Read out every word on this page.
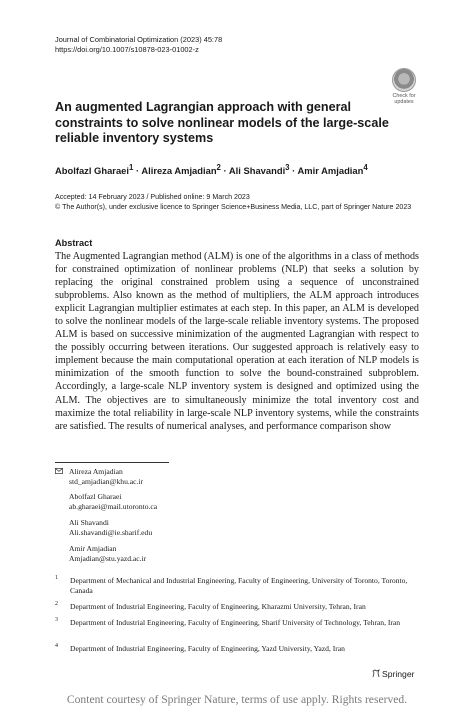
Journal of Combinatorial Optimization (2023) 45:78
https://doi.org/10.1007/s10878-023-01002-z
Check for
updates
An augmented Lagrangian approach with general constraints to solve nonlinear models of the large-scale reliable inventory systems
Abolfazl Gharaei$^1$ · Alireza Amjadian$^2$ · Ali Shavandi$^3$ · Amir Amjadian$^4$
Accepted: 14 February 2023 / Published online: 9 March 2023
© The Author(s), under exclusive licence to Springer Science+Business Media, LLC, part of Springer Nature 2023
Abstract
The Augmented Lagrangian method (ALM) is one of the algorithms in a class of methods for constrained optimization of nonlinear problems (NLP) that seeks a solution by replacing the original constrained problem using a sequence of unconstrained subproblems. Also known as the method of multipliers, the ALM approach introduces explicit Lagrangian multiplier estimates at each step. In this paper, an ALM is developed to solve the nonlinear models of the large-scale reliable inventory systems. The proposed ALM is based on successive minimization of the augmented Lagrangian with respect to the possibly occurring between iterations. Our suggested approach is relatively easy to implement because the main computational operation at each iteration of NLP models is minimization of the smooth function to solve the bound-constrained subproblem. Accordingly, a large-scale NLP inventory system is designed and optimized using the ALM. The objectives are to simultaneously minimize the total inventory cost and maximize the total reliability in large-scale NLP inventory systems, while the constraints are satisfied. The results of numerical analyses, and performance comparison show
Alireza Amjadian
std_amjadian@khu.ac.ir
Abolfazl Gharaei
ab.gharaei@mail.utoronto.ca
Ali Shavandi
Ali.shavandi@ie.sharif.edu
Amir Amjadian
Amjadian@stu.yazd.ac.ir
1 Department of Mechanical and Industrial Engineering, Faculty of Engineering, University of Toronto, Toronto, Canada
2 Department of Industrial Engineering, Faculty of Engineering, Kharazmi University, Tehran, Iran
3 Department of Industrial Engineering, Faculty of Engineering, Sharif University of Technology, Tehran, Iran
4 Department of Industrial Engineering, Faculty of Engineering, Yazd University, Yazd, Iran
Springer
Content courtesy of Springer Nature, terms of use apply. Rights reserved.
